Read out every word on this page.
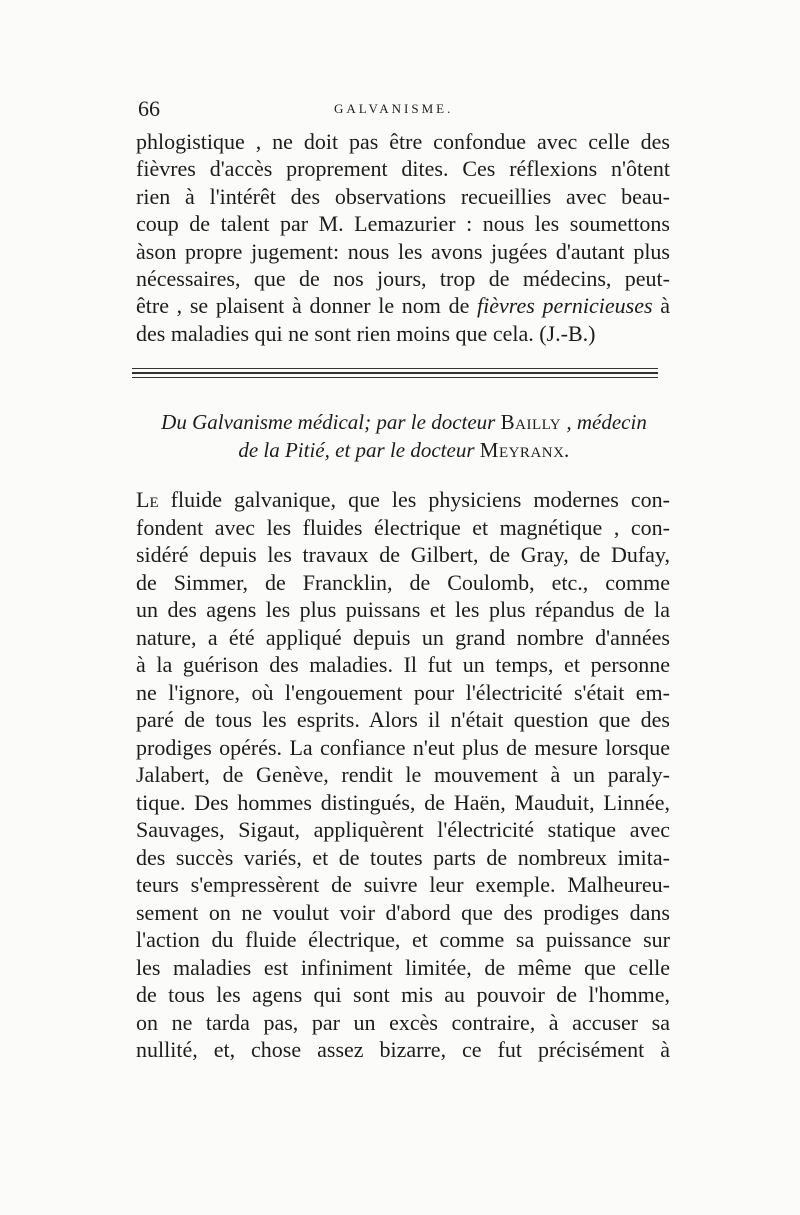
66	GALVANISME.
phlogistique , ne doit pas être confondue avec celle des
fièvres d'accès proprement dites. Ces réflexions n'ôtent
rien à l'intérêt des observations recueillies avec beau-
coup de talent par M. Lemazurier : nous les soumettons
àson propre jugement: nous les avons jugées d'autant plus
nécessaires, que de nos jours, trop de médecins, peut-
être , se plaisent à donner le nom de fièvres pernicieuses à
des maladies qui ne sont rien moins que cela. (J.-B.)
Du Galvanisme médical; par le docteur Bailly , médecin
de la Pitié, et par le docteur Meyranx.
Le fluide galvanique, que les physiciens modernes con-
fondent avec les fluides électrique et magnétique , con-
sidéré depuis les travaux de Gilbert, de Gray, de Dufay,
de Simmer, de Francklin, de Coulomb, etc., comme
un des agens les plus puissans et les plus répandus de la
nature, a été appliqué depuis un grand nombre d'années
à la guérison des maladies. Il fut un temps, et personne
ne l'ignore, où l'engouement pour l'électricité s'était em-
paré de tous les esprits. Alors il n'était question que des
prodiges opérés. La confiance n'eut plus de mesure lorsque
Jalabert, de Genève, rendit le mouvement à un paraly-
tique. Des hommes distingués, de Haën, Mauduit, Linnée,
Sauvages, Sigaut, appliquèrent l'électricité statique avec
des succès variés, et de toutes parts de nombreux imita-
teurs s'empressèrent de suivre leur exemple. Malheureu-
sement on ne voulut voir d'abord que des prodiges dans
l'action du fluide électrique, et comme sa puissance sur
les maladies est infiniment limitée, de même que celle
de tous les agens qui sont mis au pouvoir de l'homme,
on ne tarda pas, par un excès contraire, à accuser sa
nullité, et, chose assez bizarre, ce fut précisément à
